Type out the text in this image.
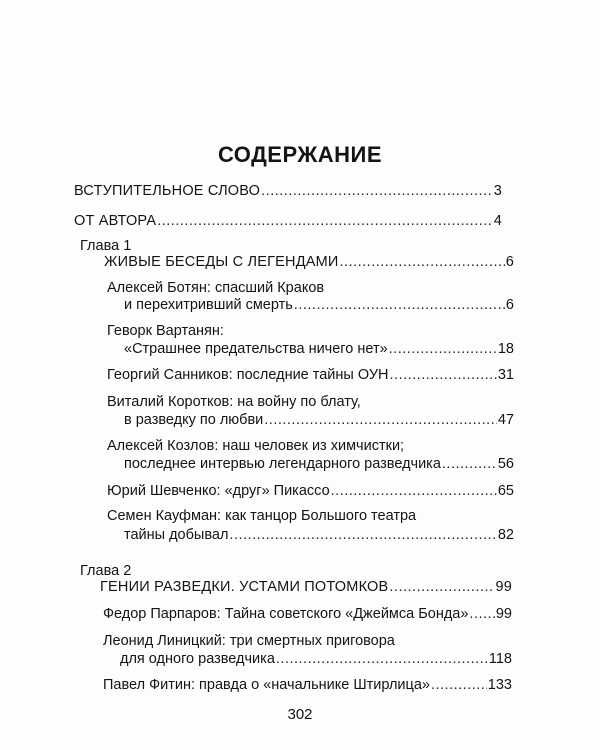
СОДЕРЖАНИЕ
ВСТУПИТЕЛЬНОЕ СЛОВО .....	3
ОТ АВТОРА .....	4
Глава 1
ЖИВЫЕ БЕСЕДЫ С ЛЕГЕНДАМИ .....	6
Алексей Ботян: спасший Краков
и перехитривший смерть .....	6
Геворк Вартанян:
«Страшнее предательства ничего нет» .....	18
Георгий Санников: последние тайны ОУН .....	31
Виталий Коротков: на войну по блату,
в разведку по любви .....	47
Алексей Козлов: наш человек из химчистки;
последнее интервью легендарного разведчика .....	56
Юрий Шевченко: «друг» Пикассо .....	65
Семен Кауфман: как танцор Большого театра
тайны добывал .....	82
Глава 2
ГЕНИИ РАЗВЕДКИ. УСТАМИ ПОТОМКОВ .....	99
Федор Парпаров: Тайна советского «Джеймса Бонда» ..... 99
Леонид Линицкий: три смертных приговора
для одного разведчика .....	118
Павел Фитин: правда о «начальнике Штирлица» .....	133
302
